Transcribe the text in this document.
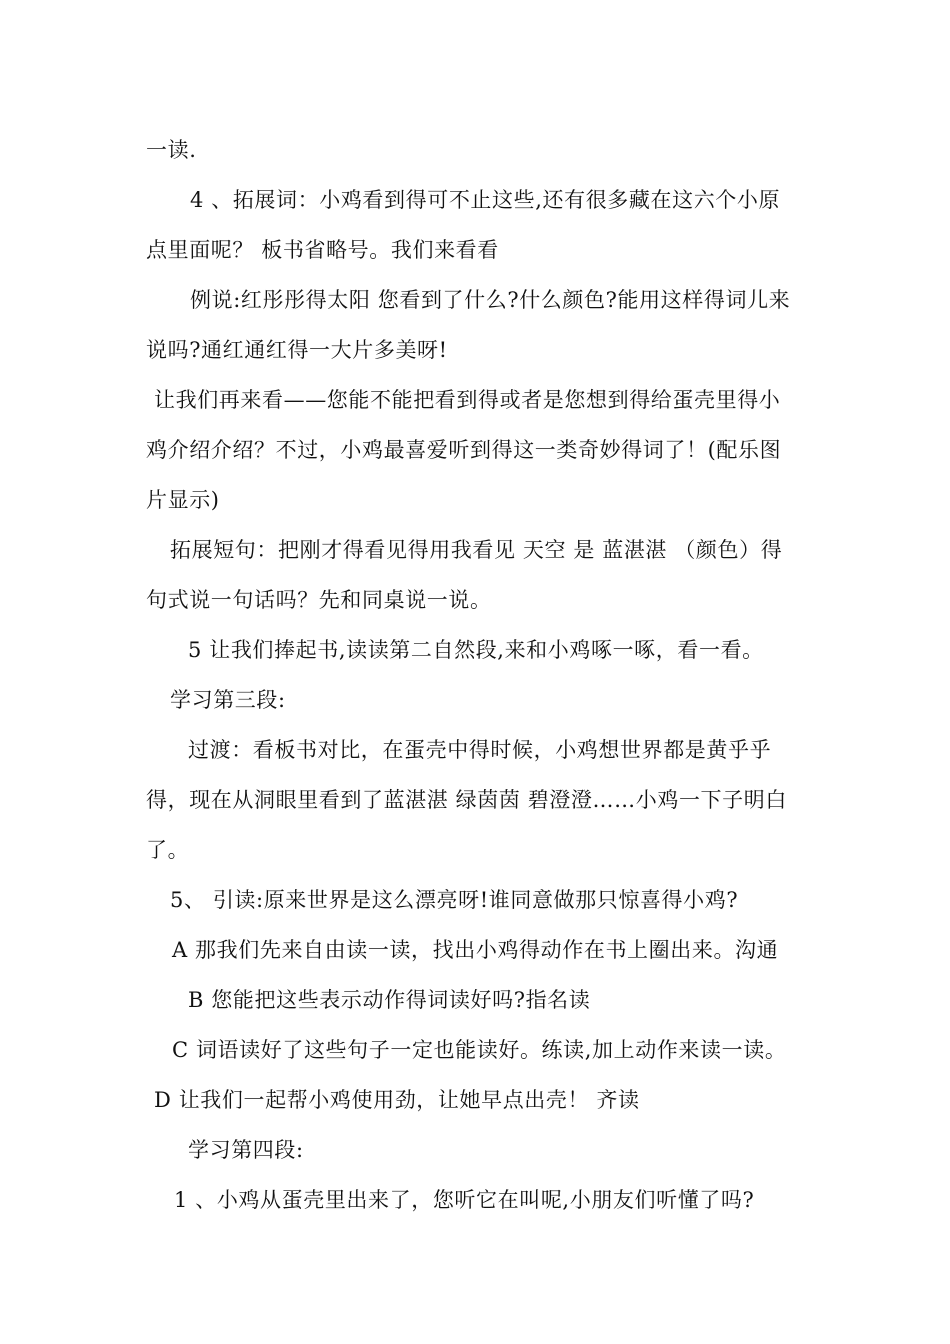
一读.
4 、拓展词：小鸡看到得可不止这些,还有很多藏在这六个小原
点里面呢？ 板书省略号。我们来看看
例说:红彤彤得太阳 您看到了什么?什么颜色?能用这样得词儿来
说吗?通红通红得一大片多美呀!
让我们再来看——您能不能把看到得或者是您想到得给蛋壳里得小
鸡介绍介绍？不过，小鸡最喜爱听到得这一类奇妙得词了！(配乐图
片显示)
拓展短句：把刚才得看见得用我看见 天空 是 蓝湛湛 （颜色）得
句式说一句话吗？先和同桌说一说。
5 让我们捧起书,读读第二自然段,来和小鸡啄一啄，看一看。
学习第三段:
过渡：看板书对比，在蛋壳中得时候，小鸡想世界都是黄乎乎
得，现在从洞眼里看到了蓝湛湛 绿茵茵 碧澄澄……小鸡一下子明白
了。
5、 引读:原来世界是这么漂亮呀!谁同意做那只惊喜得小鸡?
A 那我们先来自由读一读，找出小鸡得动作在书上圈出来。沟通
B 您能把这些表示动作得词读好吗?指名读
C 词语读好了这些句子一定也能读好。练读,加上动作来读一读。
D 让我们一起帮小鸡使用劲，让她早点出壳！ 齐读
学习第四段:
1 、小鸡从蛋壳里出来了，您听它在叫呢,小朋友们听懂了吗?
